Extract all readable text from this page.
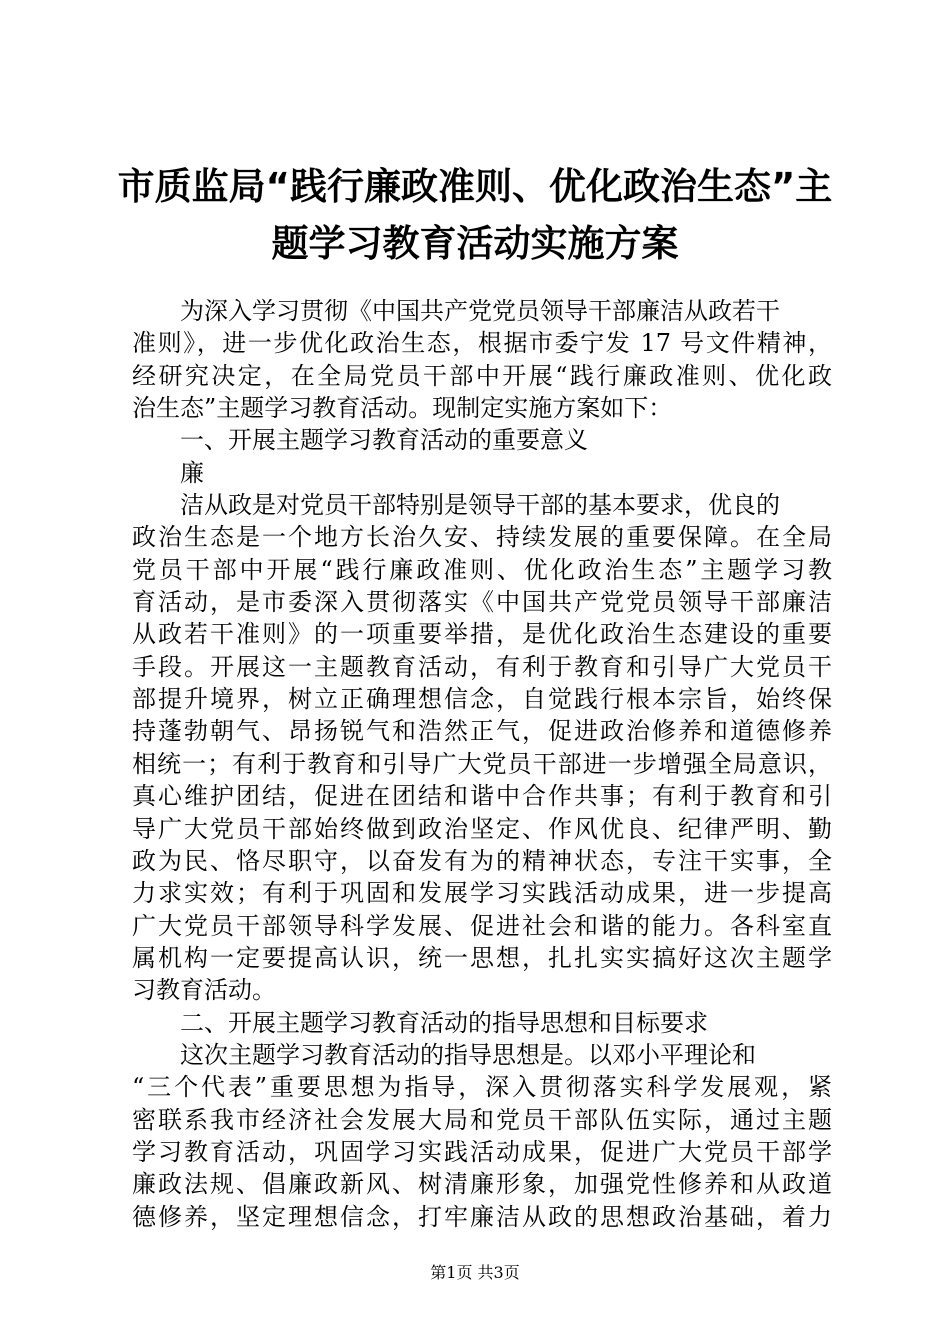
市质监局“践行廉政准则、优化政治生态”主
题学习教育活动实施方案
为深入学习贯彻《中国共产党党员领导干部廉洁从政若干
准则》，进一步优化政治生态，根据市委宁发 17 号文件精神，
经研究决定，在全局党员干部中开展“践行廉政准则、优化政
治生态”主题学习教育活动。现制定实施方案如下：
一、开展主题学习教育活动的重要意义
廉
洁从政是对党员干部特别是领导干部的基本要求，优良的
政治生态是一个地方长治久安、持续发展的重要保障。在全局
党员干部中开展“践行廉政准则、优化政治生态”主题学习教
育活动，是市委深入贯彻落实《中国共产党党员领导干部廉洁
从政若干准则》的一项重要举措，是优化政治生态建设的重要
手段。开展这一主题教育活动，有利于教育和引导广大党员干
部提升境界，树立正确理想信念，自觉践行根本宗旨，始终保
持蓬勃朝气、昂扬锐气和浩然正气，促进政治修养和道德修养
相统一；有利于教育和引导广大党员干部进一步增强全局意识，
真心维护团结，促进在团结和谐中合作共事；有利于教育和引
导广大党员干部始终做到政治坚定、作风优良、纪律严明、勤
政为民、恪尽职守，以奋发有为的精神状态，专注干实事，全
力求实效；有利于巩固和发展学习实践活动成果，进一步提高
广大党员干部领导科学发展、促进社会和谐的能力。各科室直
属机构一定要提高认识，统一思想，扎扎实实搞好这次主题学
习教育活动。
二、开展主题学习教育活动的指导思想和目标要求
这次主题学习教育活动的指导思想是。以邓小平理论和
“三个代表”重要思想为指导，深入贯彻落实科学发展观，紧
密联系我市经济社会发展大局和党员干部队伍实际，通过主题
学习教育活动，巩固学习实践活动成果，促进广大党员干部学
廉政法规、倡廉政新风、树清廉形象，加强党性修养和从政道
德修养，坚定理想信念，打牢廉洁从政的思想政治基础，着力
第1页 共3页
